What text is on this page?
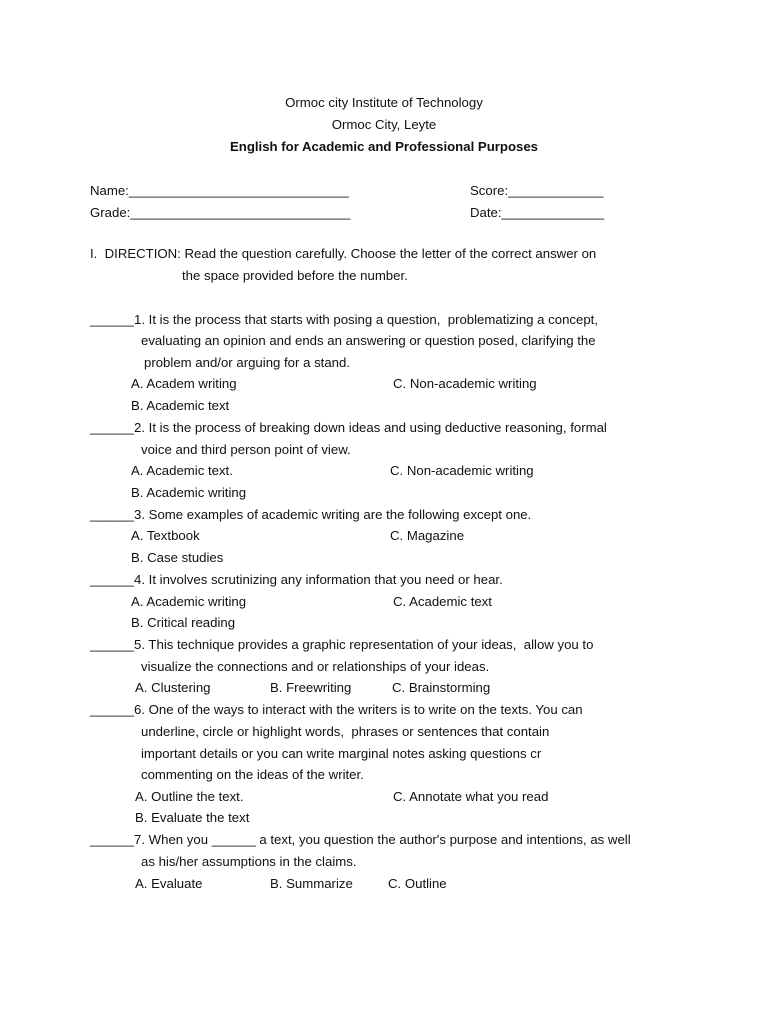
Ormoc city Institute of Technology
Ormoc City, Leyte
English for Academic and Professional Purposes
Name:______________________________	Score:_____________
Grade:______________________________	Date:______________
I.  DIRECTION: Read the question carefully. Choose the letter of the correct answer on
the space provided before the number.
______1. It is the process that starts with posing a question,  problematizing a concept,
evaluating an opinion and ends an answering or question posed, clarifying the
problem and/or arguing for a stand.
A. Academ writing	C. Non-academic writing
B. Academic text
______2. It is the process of breaking down ideas and using deductive reasoning, formal
voice and third person point of view.
A. Academic text.	C. Non-academic writing
B. Academic writing
______3. Some examples of academic writing are the following except one.
A. Textbook	C. Magazine
B. Case studies
______4. It involves scrutinizing any information that you need or hear.
A. Academic writing	C. Academic text
B. Critical reading
______5. This technique provides a graphic representation of your ideas,  allow you to
visualize the connections and or relationships of your ideas.
A. Clustering	B. Freewriting	C. Brainstorming
______6. One of the ways to interact with the writers is to write on the texts. You can
underline, circle or highlight words,  phrases or sentences that contain
important details or you can write marginal notes asking questions cr
commenting on the ideas of the writer.
A. Outline the text.	C. Annotate what you read
B. Evaluate the text
______7. When you ______ a text, you question the author's purpose and intentions, as well
as his/her assumptions in the claims.
A. Evaluate	B. Summarize	C. Outline
